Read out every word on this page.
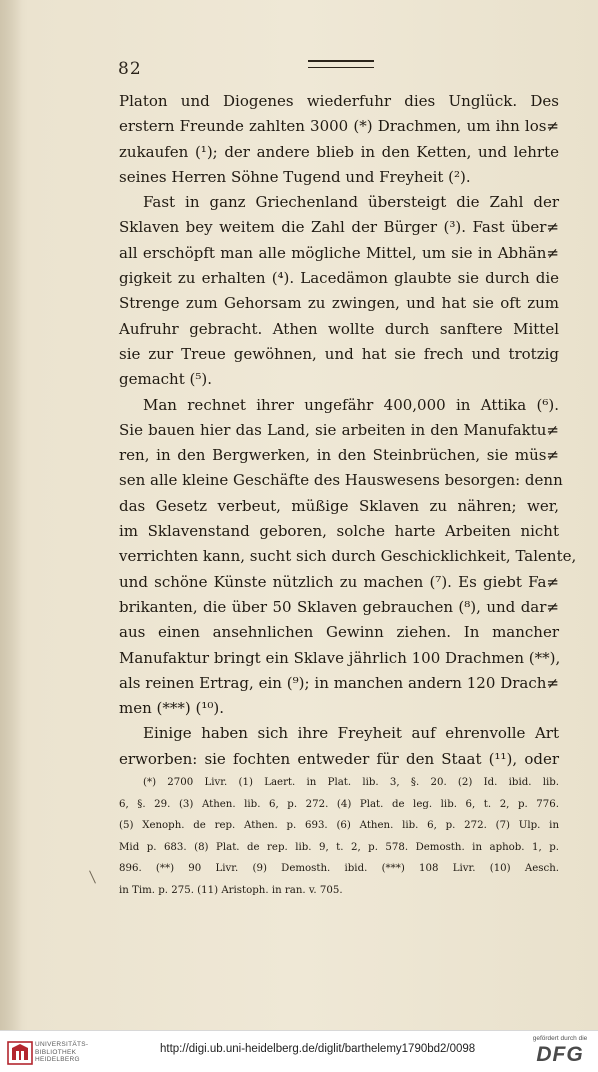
82
Platon und Diogenes wiederfuhr dies Unglück. Des
erstern Freunde zahlten 3000 (*) Drachmen, um ihn los≠
zukaufen (¹); der andere blieb in den Ketten, und lehrte
seines Herren Söhne Tugend und Freyheit (²).
Fast in ganz Griechenland übersteigt die Zahl der
Sklaven bey weitem die Zahl der Bürger (³). Fast über≠
all erschöpft man alle mögliche Mittel, um sie in Abhän≠
gigkeit zu erhalten (⁴). Lacedämon glaubte sie durch die
Strenge zum Gehorsam zu zwingen, und hat sie oft zum
Aufruhr gebracht. Athen wollte durch sanftere Mittel
sie zur Treue gewöhnen, und hat sie frech und trotzig
gemacht (⁵).
Man rechnet ihrer ungefähr 400,000 in Attika (⁶).
Sie bauen hier das Land, sie arbeiten in den Manufaktu≠
ren, in den Bergwerken, in den Steinbrüchen, sie müs≠
sen alle kleine Geschäfte des Hauswesens besorgen: denn
das Gesetz verbeut, müßige Sklaven zu nähren; wer,
im Sklavenstand geboren, solche harte Arbeiten nicht
verrichten kann, sucht sich durch Geschicklichkeit, Talente,
und schöne Künste nützlich zu machen (⁷). Es giebt Fa≠
brikanten, die über 50 Sklaven gebrauchen (⁸), und dar≠
aus einen ansehnlichen Gewinn ziehen. In mancher
Manufaktur bringt ein Sklave jährlich 100 Drachmen (**),
als reinen Ertrag, ein (⁹); in manchen andern 120 Drach≠
men (***) (¹⁰).
Einige haben sich ihre Freyheit auf ehrenvolle Art
erworben: sie fochten entweder für den Staat (¹¹), oder
(*) 2700 Livr. (1) Laert. in Plat. lib. 3, §. 20. (2) Id. ibid. lib.
6, §. 29. (3) Athen. lib. 6, p. 272. (4) Plat. de leg. lib. 6, t. 2, p. 776.
(5) Xenoph. de rep. Athen. p. 693. (6) Athen. lib. 6, p. 272. (7) Ulp. in
Mid p. 683. (8) Plat. de rep. lib. 9, t. 2, p. 578. Demosth. in aphob. 1, p.
896. (**) 90 Livr. (9) Demosth. ibid. (***) 108 Livr. (10) Aesch.
in Tim. p. 275. (11) Aristoph. in ran. v. 705.
UNIVERSITÄTS-
BIBLIOTHEK
HEIDELBERG
http://digi.ub.uni-heidelberg.de/diglit/barthelemy1790bd2/0098
gefördert durch die
DFG
